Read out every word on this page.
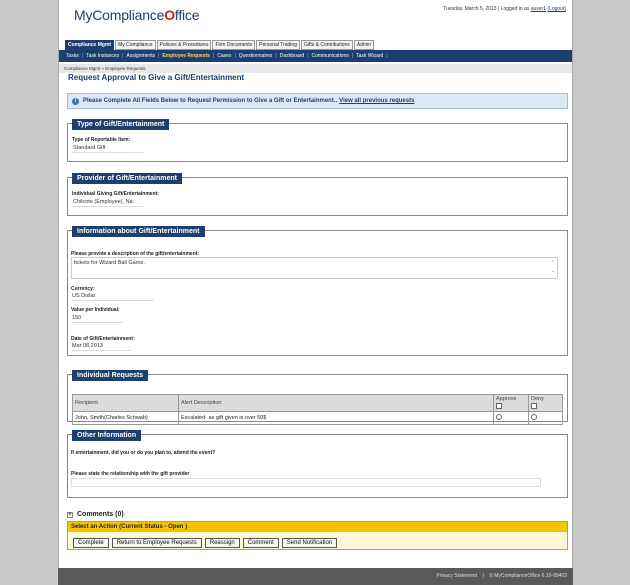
MyComplianceOffice	Tuesday, March 5, 2013 | Logged in as auser1 (Logout)
Compliance Mgmt	My Compliance	Policies & Procedures	Firm Documents	Personal Trading	Gifts & Contributions	Admin
Tasks | Task Instances | Assignments | Employee Requests | Cases | Questionnaires | Dashboard | Communications | Task Wizard |
Compliance Mgmt » Employee Requests
Request Approval to Give a Gift/Entertainment
i	Please Complete All Fields Below to Request Permission to Give a Gift or Entertainment.. View all previous requests
Type of Gift/Entertainment
Type of Reportable Item:
Standard Gift
Provider of Gift/Entertainment
Individual Giving Gift/Entertainment:
Chilcote (Employee), Na:
Information about Gift/Entertainment
Please provide a description of the gift/entertainment:
tickets for Wizard Ball Game.	⌃
⌄
Currency:
US Dollar
Value per Individual:
150
Date of Gift/Entertainment:
Mar 08,2013
Individual Requests
Recipient	Alert Description	Approve	Deny

John, Smith(Charles Schwab)	Escalated- as gift given is over 50$		
Other Information
If entertainment, did you or do you plan to, attend the event?
Please state the relationship with the gift provider
+ Comments (0)
Select an Action (Current Status - Open )
Complete	Return to Employee Requests	Reassign	Comment	Send Notification
Privacy Statement | © MyComplianceOffice 6.10-89403
